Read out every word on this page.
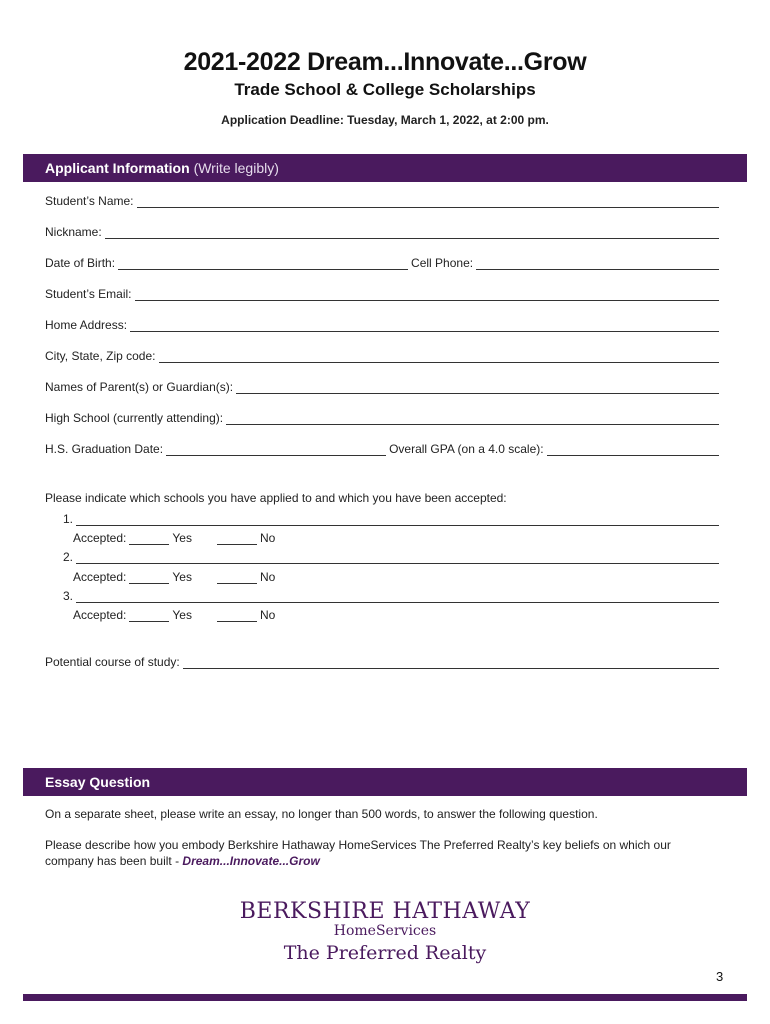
2021-2022 Dream...Innovate...Grow
Trade School & College Scholarships
Application Deadline: Tuesday, March 1, 2022, at 2:00 pm.
Applicant Information (Write legibly)
Student’s Name:
Nickname:
Date of Birth:	Cell Phone:
Student’s Email:
Home Address:
City, State, Zip code:
Names of Parent(s) or Guardian(s):
High School (currently attending):
H.S. Graduation Date:	Overall GPA (on a 4.0 scale):
Please indicate which schools you have applied to and which you have been accepted:
1.
Accepted:	Yes	No
2.
Accepted:	Yes	No
3.
Accepted:	Yes	No
Potential course of study:
Essay Question
On a separate sheet, please write an essay, no longer than 500 words, to answer the following question.
Please describe how you embody Berkshire Hathaway HomeServices The Preferred Realty’s key beliefs on which our company has been built - Dream...Innovate...Grow
BERKSHIRE HATHAWAY
HomeServices
The Preferred Realty
3
